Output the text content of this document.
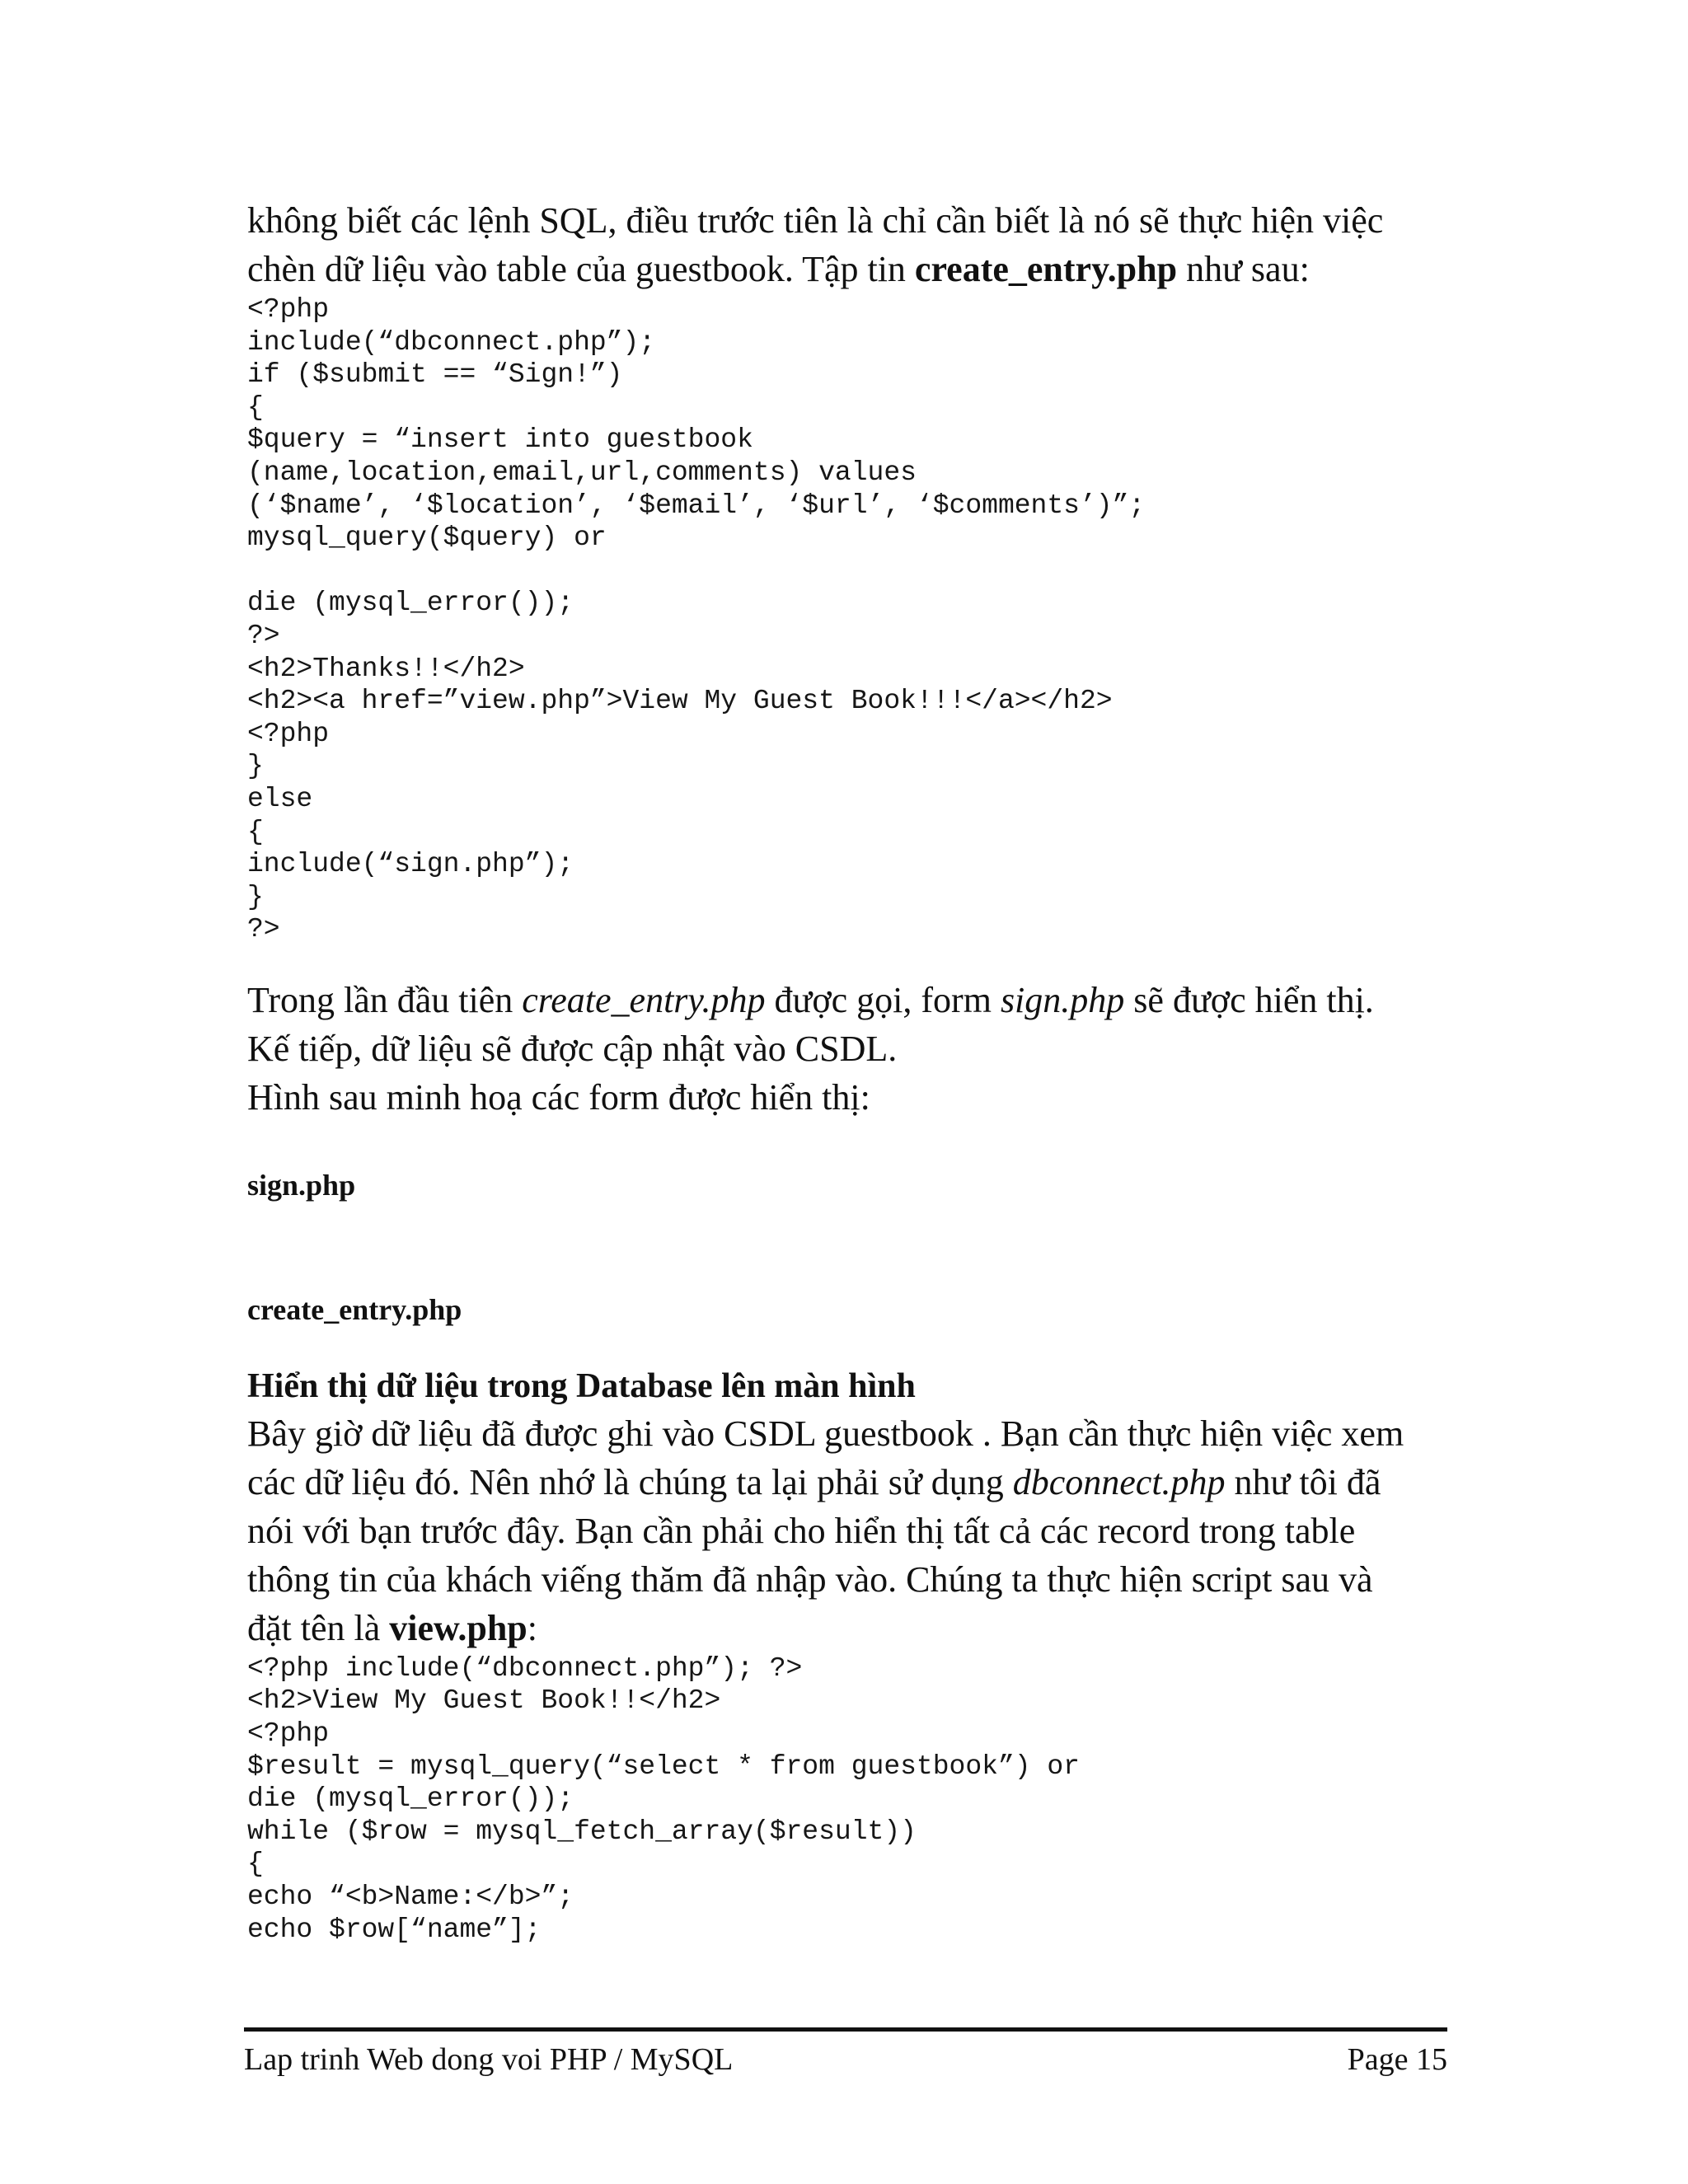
không biết các lệnh SQL, điều trước tiên là chỉ cần biết là nó sẽ thực hiện việc
chèn dữ liệu vào table của guestbook. Tập tin create_entry.php như sau:

<?php
include(“dbconnect.php”);
if ($submit == “Sign!”)
{
$query = “insert into guestbook
(name,location,email,url,comments) values
(‘$name’, ‘$location’, ‘$email’, ‘$url’, ‘$comments’)”;
mysql_query($query) or

die (mysql_error());
?>
<h2>Thanks!!</h2>
<h2><a href=”view.php”>View My Guest Book!!!</a></h2>
<?php
}
else
{
include(“sign.php”);
}
?>

Trong lần đầu tiên create_entry.php được gọi, form sign.php sẽ được hiển thị.
Kế tiếp, dữ liệu sẽ được cập nhật vào CSDL.
Hình sau minh hoạ các form được hiển thị:

sign.php

create_entry.php

Hiển thị dữ liệu trong Database lên màn hình

Bây giờ dữ liệu đã được ghi vào CSDL guestbook . Bạn cần thực hiện việc xem
các dữ liệu đó. Nên nhớ là chúng ta lại phải sử dụng dbconnect.php như tôi đã
nói với bạn trước đây. Bạn cần phải cho hiển thị tất cả các record trong table
thông tin của khách viếng thăm đã nhập vào. Chúng ta thực hiện script sau và
đặt tên là view.php:

<?php include(“dbconnect.php”); ?>
<h2>View My Guest Book!!</h2>
<?php
$result = mysql_query(“select * from guestbook”) or
die (mysql_error());
while ($row = mysql_fetch_array($result))
{
echo “<b>Name:</b>”;
echo $row[“name”];
Lap trinh Web dong voi PHP / MySQL	Page 15
